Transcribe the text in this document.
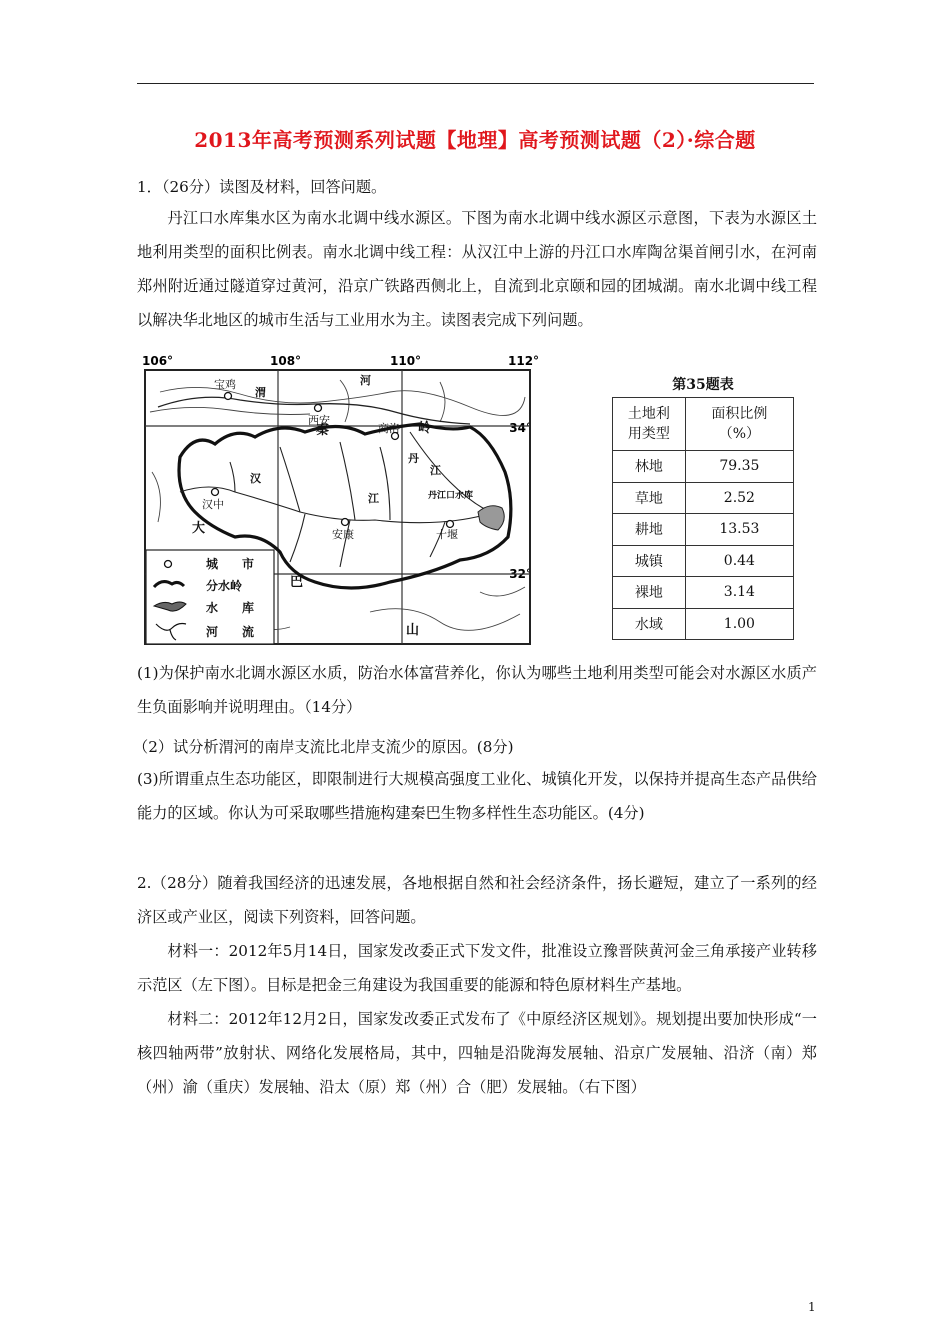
2013年高考预测系列试题【地理】高考预测试题（2）·综合题
1．（26分）读图及材料，回答问题。
丹江口水库集水区为南水北调中线水源区。下图为南水北调中线水源区示意图，下表为水源区土地利用类型的面积比例表。南水北调中线工程：从汉江中上游的丹江口水库陶岔渠首闸引水，在河南郑州附近通过隧道穿过黄河，沿京广铁路西侧北上，自流到北京颐和园的团城湖。南水北调中线工程以解决华北地区的城市生活与工业用水为主。读图表完成下列问题。
106°	108°	110°	112°
34°
32°
宝鸡
西安
商洛
汉中
安康	十堰
渭
河
汉
江
丹
江
丹江口水库
秦	岭
大
巴
山
城　　市
分水岭
水　　库
河　　流
第35题表
土地利用类型	面积比例（%）
林地	79.35
草地	2.52
耕地	13.53
城镇	0.44
裸地	3.14
水域	1.00
(1)为保护南水北调水源区水质，防治水体富营养化，你认为哪些土地利用类型可能会对水源区水质产生负面影响并说明理由。（14分）
（2）试分析渭河的南岸支流比北岸支流少的原因。(8分)
(3)所谓重点生态功能区，即限制进行大规模高强度工业化、城镇化开发，以保持并提高生态产品供给能力的区域。你认为可采取哪些措施构建秦巴生物多样性生态功能区。(4分)
2.（28分）随着我国经济的迅速发展，各地根据自然和社会经济条件，扬长避短，建立了一系列的经济区或产业区，阅读下列资料，回答问题。
材料一：2012年5月14日，国家发改委正式下发文件，批准设立豫晋陕黄河金三角承接产业转移示范区（左下图）。目标是把金三角建设为我国重要的能源和特色原材料生产基地。
材料二：2012年12月2日，国家发改委正式发布了《中原经济区规划》。规划提出要加快形成“一核四轴两带”放射状、网络化发展格局，其中，四轴是沿陇海发展轴、沿京广发展轴、沿济（南）郑（州）渝（重庆）发展轴、沿太（原）郑（州）合（肥）发展轴。（右下图）
1
